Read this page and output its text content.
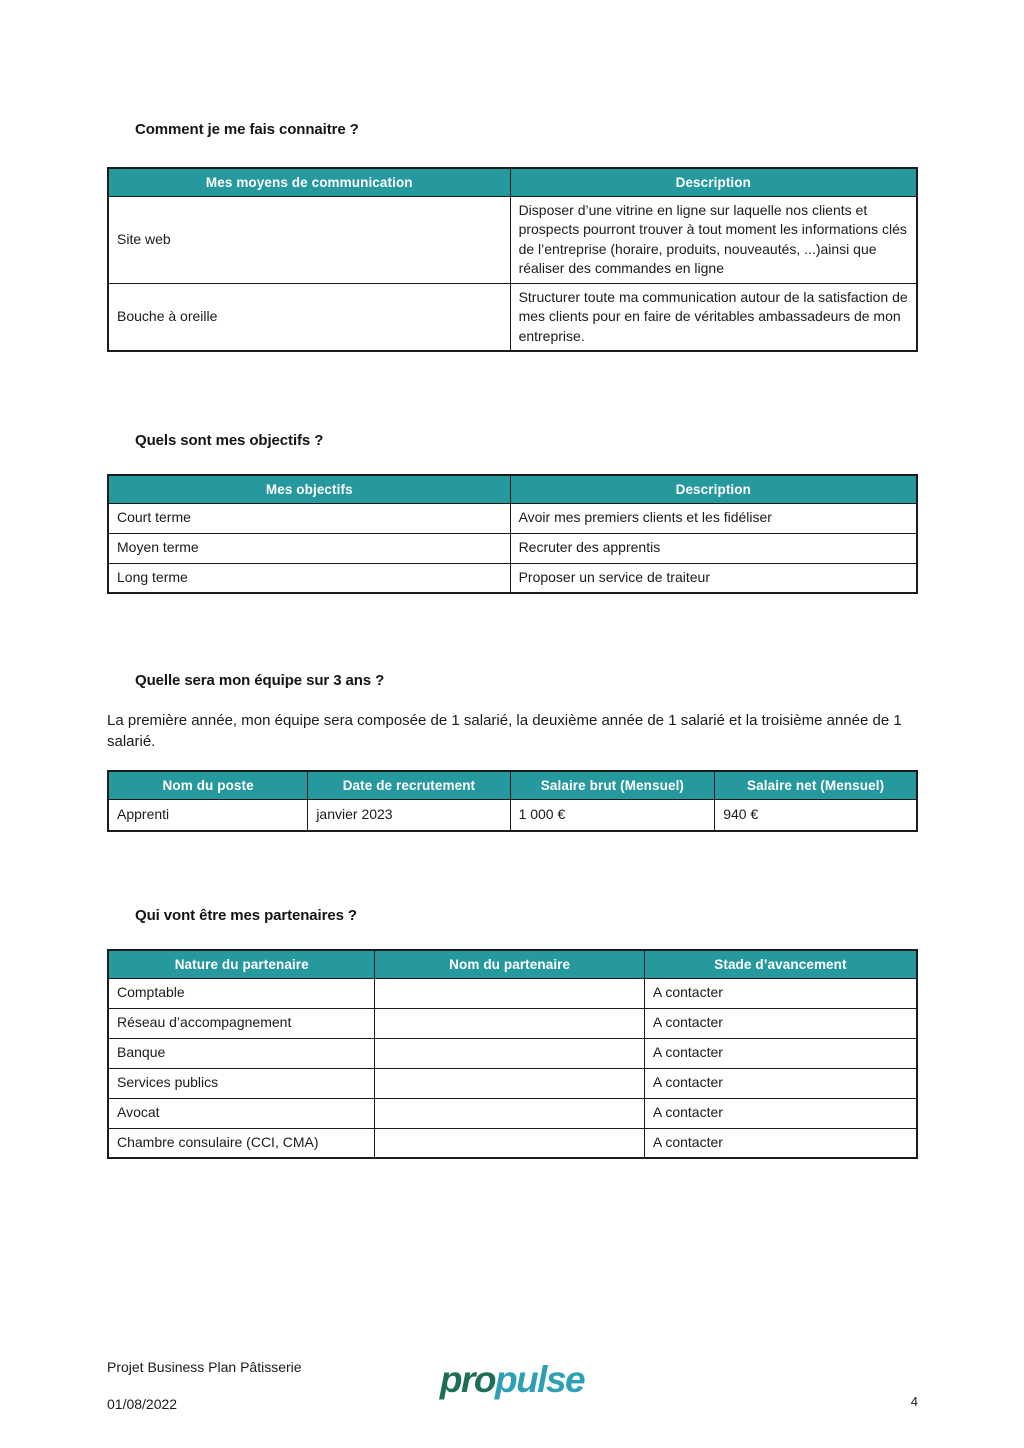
Comment je me fais connaitre ?
Mes moyens de communication	Description
Site web	Disposer d’une vitrine en ligne sur laquelle nos clients et prospects pourront trouver à tout moment les informations clés de l’entreprise (horaire, produits, nouveautés, ...)ainsi que réaliser des commandes en ligne
Bouche à oreille	Structurer toute ma communication autour de la satisfaction de mes clients pour en faire de véritables ambassadeurs de mon entreprise.
Quels sont mes objectifs ?
Mes objectifs	Description
Court terme	Avoir mes premiers clients et les fidéliser
Moyen terme	Recruter des apprentis
Long terme	Proposer un service de traiteur
Quelle sera mon équipe sur 3 ans ?

La première année, mon équipe sera composée de 1 salarié, la deuxième année de 1 salarié et la troisième année de 1 salarié.

Nom du poste	Date de recrutement	Salaire brut (Mensuel)	Salaire net (Mensuel)
Apprenti	janvier 2023	1 000 €	940 €
Qui vont être mes partenaires ?
Nature du partenaire	Nom du partenaire	Stade d’avancement
Comptable		A contacter
Réseau d’accompagnement		A contacter
Banque		A contacter
Services publics		A contacter
Avocat		A contacter
Chambre consulaire (CCI, CMA)		A contacter
Projet Business Plan Pâtisserie
01/08/2022
propulse
4
